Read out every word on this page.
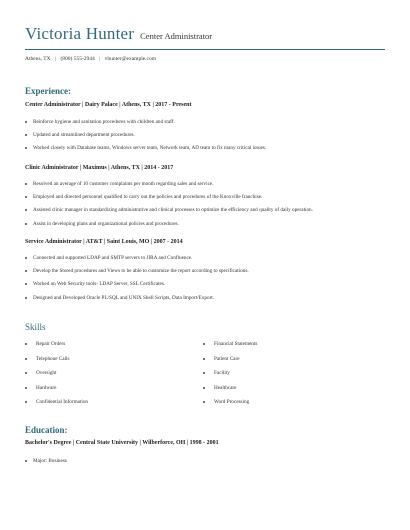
Victoria Hunter Center Administrator
Athens, TX | (800) 555-2944 | vhunter@example.com
Experience:
Center Administrator | Dairy Palace | Athens, TX | 2017 - Present
Reinforce hygiene and sanitation procedures with children and staff.
Updated and streamlined department procedures.
Worked closely with Database teams, Windows server team, Network team, AD team to fix many critical issues.
Clinic Administrator | Maximus | Athens, TX | 2014 - 2017
Resolved an average of 10 customer complaints per month regarding sales and service.
Employed and directed personnel qualified to carry out the policies and procedures of the Knoxville franchise.
Assisted clinic manager in standardizing administrative and clinical processes to optimize the efficiency and quality of daily operation.
Assist in developing plans and organizational policies and procedures.
Service Administrator | AT&T | Saint Louis, MO | 2007 - 2014
Connected and supported LDAP and SMTP servers to JIRA and Confluence.
Develop the Stored procedures and Views to be able to customize the report according to specifications.
Worked on Web Security tools- LDAP Server, SSL Certificates.
Designed and Developed Oracle PL/SQL and UNIX Shell Scripts, Data Import/Export.
Skills
Repair Orders	Financial Statements
Telephone Calls	Patient Care
Oversight	Facility
Hardware	Healthcare
Confidential Information	Word Processing
Education:
Bachelor's Degree | Central State University | Wilberforce, OH | 1998 - 2001
Major: Business
